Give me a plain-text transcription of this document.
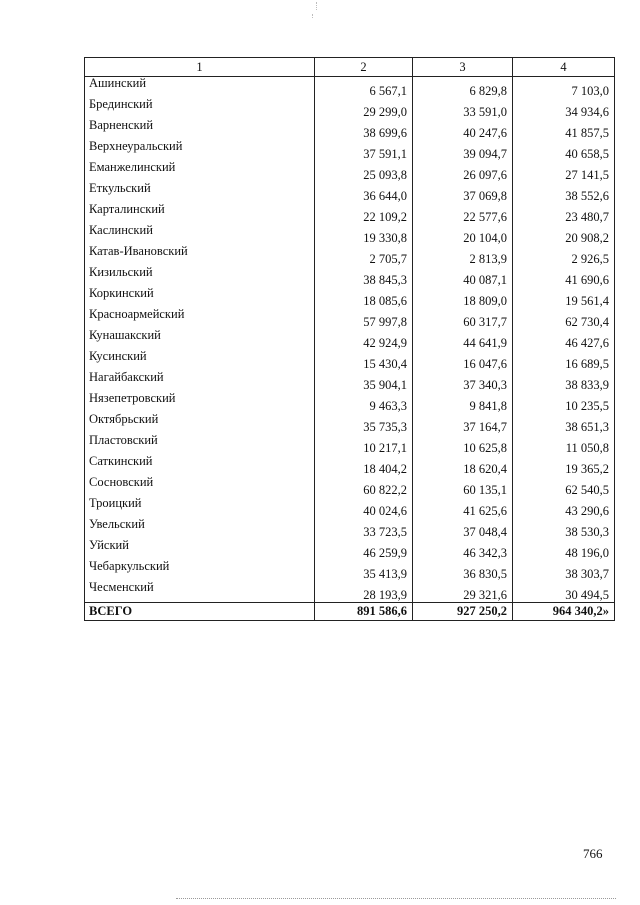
1	2	3	4
Ашинский	6 567,1	6 829,8	7 103,0
Брединский	29 299,0	33 591,0	34 934,6
Варненский	38 699,6	40 247,6	41 857,5
Верхнеуральский	37 591,1	39 094,7	40 658,5
Еманжелинский	25 093,8	26 097,6	27 141,5
Еткульский	36 644,0	37 069,8	38 552,6
Карталинский	22 109,2	22 577,6	23 480,7
Каслинский	19 330,8	20 104,0	20 908,2
Катав-Ивановский	2 705,7	2 813,9	2 926,5
Кизильский	38 845,3	40 087,1	41 690,6
Коркинский	18 085,6	18 809,0	19 561,4
Красноармейский	57 997,8	60 317,7	62 730,4
Кунашакский	42 924,9	44 641,9	46 427,6
Кусинский	15 430,4	16 047,6	16 689,5
Нагайбакский	35 904,1	37 340,3	38 833,9
Нязепетровский	9 463,3	9 841,8	10 235,5
Октябрьский	35 735,3	37 164,7	38 651,3
Пластовский	10 217,1	10 625,8	11 050,8
Саткинский	18 404,2	18 620,4	19 365,2
Сосновский	60 822,2	60 135,1	62 540,5
Троицкий	40 024,6	41 625,6	43 290,6
Увельский	33 723,5	37 048,4	38 530,3
Уйский	46 259,9	46 342,3	48 196,0
Чебаркульский	35 413,9	36 830,5	38 303,7
Чесменский	28 193,9	29 321,6	30 494,5
ВСЕГО	891 586,6	927 250,2	964 340,2»
766
